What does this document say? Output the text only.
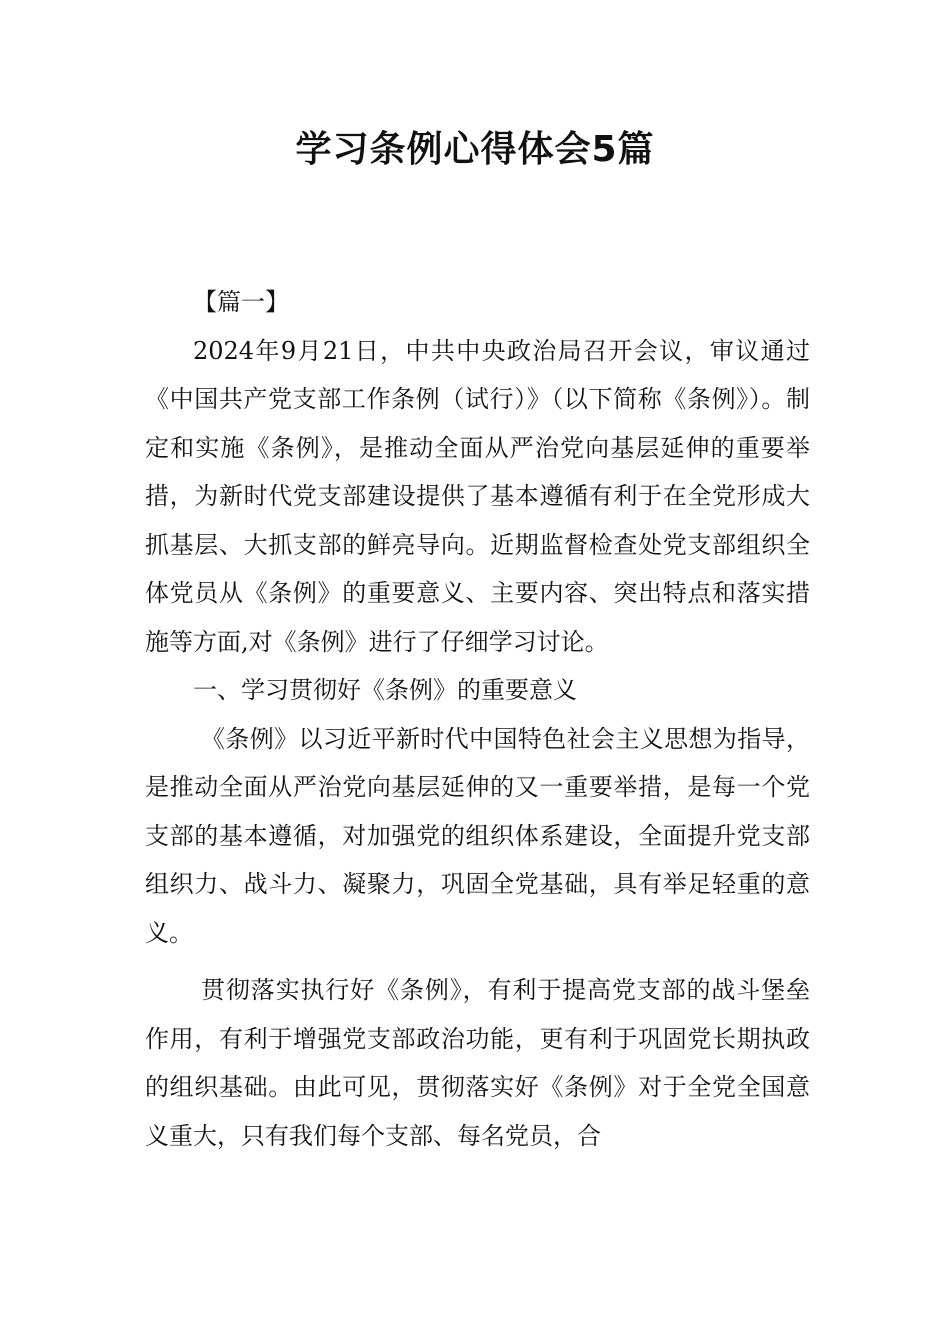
学习条例心得体会5篇

【篇一】

2024年9月21日，中共中央政治局召开会议，审议通过《中国共产党支部工作条例（试行）》（以下简称《条例》）。制定和实施《条例》，是推动全面从严治党向基层延伸的重要举措，为新时代党支部建设提供了基本遵循有利于在全党形成大抓基层、大抓支部的鲜亮导向。近期监督检查处党支部组织全体党员从《条例》的重要意义、主要内容、突出特点和落实措施等方面,对《条例》进行了仔细学习讨论。

一、学习贯彻好《条例》的重要意义

《条例》以习近平新时代中国特色社会主义思想为指导，是推动全面从严治党向基层延伸的又一重要举措，是每一个党支部的基本遵循，对加强党的组织体系建设，全面提升党支部组织力、战斗力、凝聚力，巩固全党基础，具有举足轻重的意义。

贯彻落实执行好《条例》，有利于提高党支部的战斗堡垒作用，有利于增强党支部政治功能，更有利于巩固党长期执政的组织基础。由此可见，贯彻落实好《条例》对于全党全国意义重大，只有我们每个支部、每名党员，合
